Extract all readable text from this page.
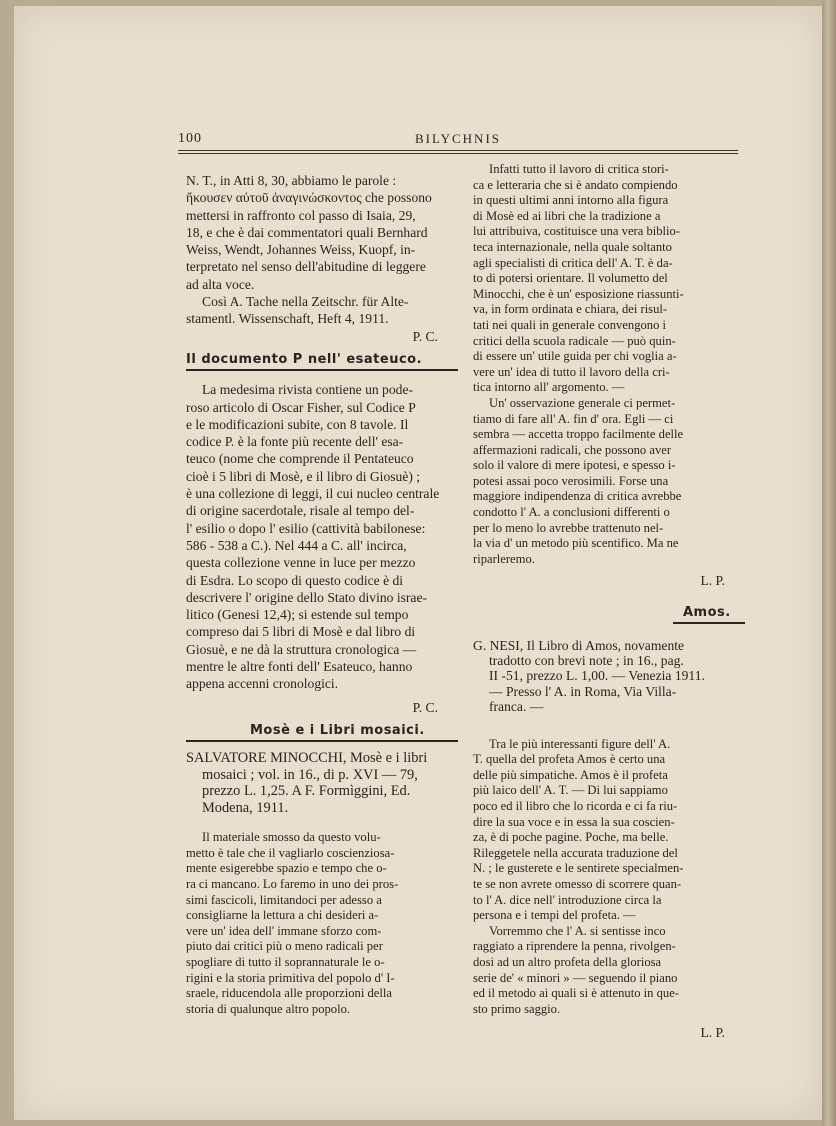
100	BILYCHNIS

N. T., in Atti 8, 30, abbiamo le parole :

ἤκουσεν αὐτοῦ ἀναγινώσκοντος che possono

mettersi in raffronto col passo di Isaia, 29,

18, e che è dai commentatori quali Bernhard

Weiss, Wendt, Johannes Weiss, Kuopf, in-

terpretato nel senso dell'abitudine di leggere

ad alta voce.

Così A. Tache nella Zeitschr. für Alte-

stamentl. Wissenschaft, Heft 4, 1911.

P. C.

Il documento P nell' esateuco.

La medesima rivista contiene un pode-

roso articolo di Oscar Fisher, sul Codice P

e le modificazioni subite, con 8 tavole. Il

codice P. è la fonte più recente dell' esa-

teuco (nome che comprende il Pentateuco

cioè i 5 libri di Mosè, e il libro di Giosuè) ;

è una collezione di leggi, il cui nucleo centrale

di origine sacerdotale, risale al tempo del-

l' esilio o dopo l' esilio (cattività babilonese:

586 - 538 a C.). Nel 444 a C. all' incirca,

questa collezione venne in luce per mezzo

di Esdra. Lo scopo di questo codice è di

descrivere l' origine dello Stato divino israe-

litico (Genesi 12,4); si estende sul tempo

compreso dai 5 libri di Mosè e dal libro di

Giosuè, e ne dà la struttura cronologica —

mentre le altre fonti dell' Esateuco, hanno

appena accenni cronologici.

P. C.

Mosè e i Libri mosaici.

SALVATORE MINOCCHI, Mosè e i libri

mosaici ; vol. in 16., di p. XVI — 79,

prezzo L. 1,25. A F. Formìggini, Ed.

Modena, 1911.

Il materiale smosso da questo volu-

metto è tale che il vagliarlo coscienziosa-

mente esigerebbe spazio e tempo che o-

ra ci mancano. Lo faremo in uno dei pros-

simi fascicoli, limitandoci per adesso a

consigliarne la lettura a chi desideri a-

vere un' idea dell' immane sforzo com-

piuto dai critici più o meno radicali per

spogliare di tutto il soprannaturale le o-

rigini e la storia primitiva del popolo d' I-

sraele, riducendola alle proporzioni della

storia di qualunque altro popolo.

Infatti tutto il lavoro di critica stori-

ca e letteraria che si è andato compiendo

in questi ultimi anni intorno alla figura

di Mosè ed ai libri che la tradizione a

lui attribuiva, costituisce una vera biblio-

teca internazionale, nella quale soltanto

agli specialisti di critica dell' A. T. è da-

to di potersi orientare. Il volumetto del

Minocchi, che è un' esposizione riassunti-

va, in form ordinata e chiara, dei risul-

tati nei quali in generale convengono i

critici della scuola radicale — può quin-

di essere un' utile guida per chi voglia a-

vere un' idea di tutto il lavoro della cri-

tica intorno all' argomento. —

Un' osservazione generale ci permet-

tiamo di fare all' A. fin d' ora. Egli — ci

sembra — accetta troppo facilmente delle

affermazioni radicali, che possono aver

solo il valore di mere ipotesi, e spesso i-

potesi assai poco verosimili. Forse una

maggiore indipendenza di critica avrebbe

condotto l' A. a conclusioni differenti o

per lo meno lo avrebbe trattenuto nel-

la via d' un metodo più scentifico. Ma ne

riparleremo.

L. P.

Amos.

G. NESI, Il Libro di Amos, novamente

tradotto con brevi note ; in 16., pag.

II -51, prezzo L. 1,00. — Venezia 1911.

— Presso l' A. in Roma, Via Villa-

franca. —

Tra le più interessanti figure dell' A.

T. quella del profeta Amos è certo una

delle più simpatiche. Amos è il profeta

più laico dell' A. T. — Di lui sappiamo

poco ed il libro che lo ricorda e ci fa riu-

dire la sua voce e in essa la sua coscien-

za, è di poche pagine. Poche, ma belle.

Rileggetele nella accurata traduzione del

N. ; le gusterete e le sentirete specialmen-

te se non avrete omesso di scorrere quan-

to l' A. dice nell' introduzione circa la

persona e i tempi del profeta. —

Vorremmo che l' A. si sentisse inco

raggiato a riprendere la penna, rivolgen-

dosi ad un altro profeta della gloriosa

serie de' « minori » — seguendo il piano

ed il metodo ai quali si è attenuto in que-

sto primo saggio.

L. P.
